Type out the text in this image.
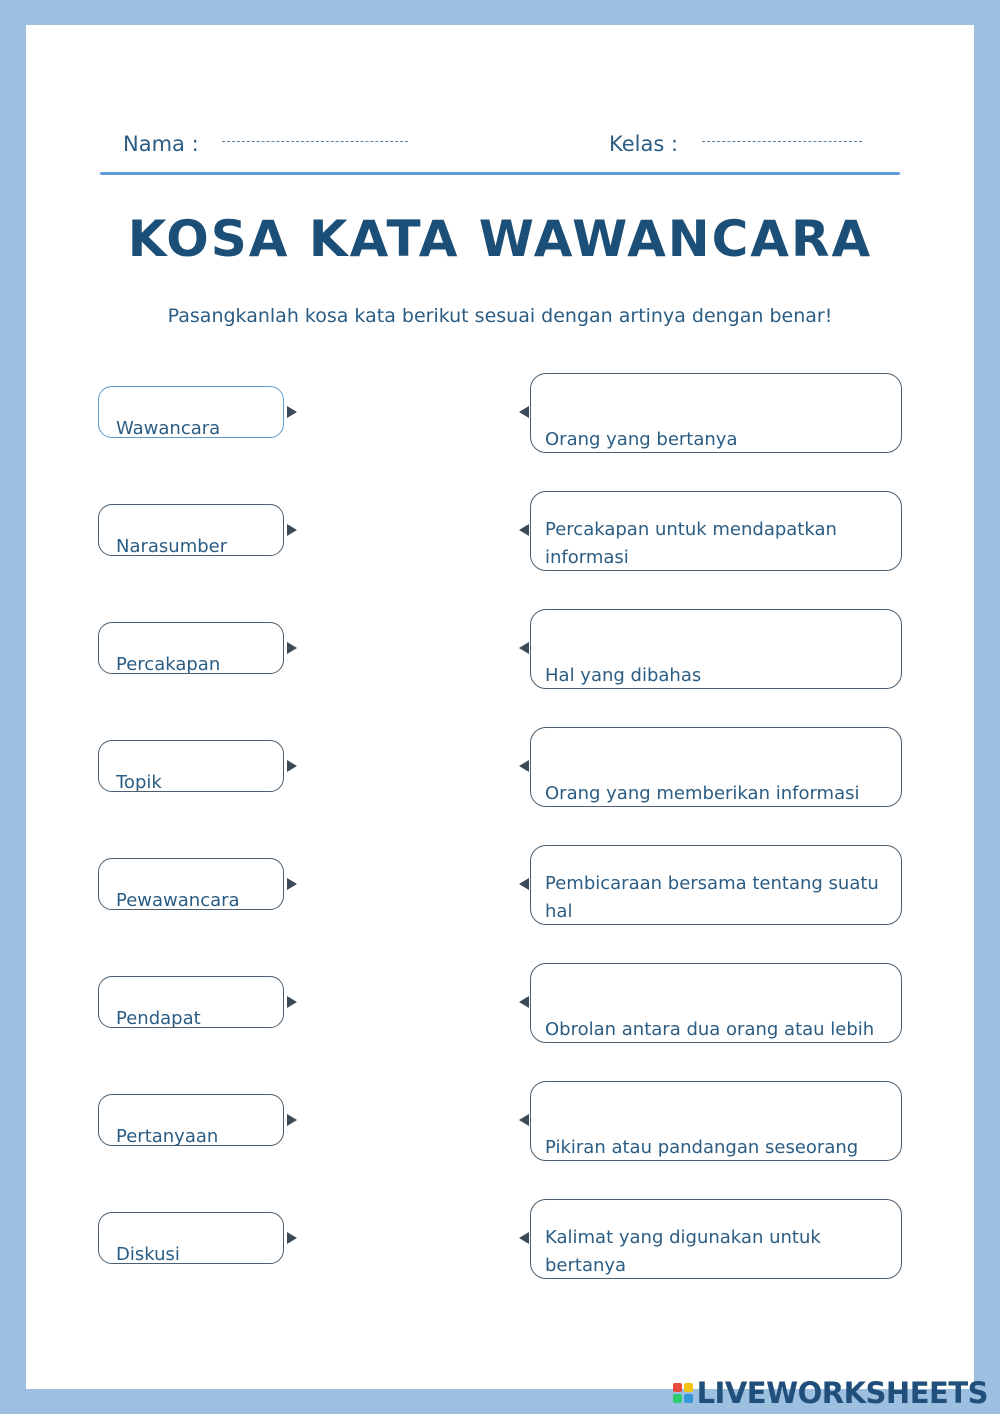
Nama :	Kelas :
KOSA KATA WAWANCARA
Pasangkanlah kosa kata berikut sesuai dengan artinya dengan benar!
Wawancara
Narasumber
Percakapan
Topik
Pewawancara
Pendapat
Pertanyaan
Diskusi
Orang yang bertanya
Percakapan untuk mendapatkan informasi
Hal yang dibahas
Orang yang memberikan informasi
Pembicaraan bersama tentang suatu hal
Obrolan antara dua orang atau lebih
Pikiran atau pandangan seseorang
Kalimat yang digunakan untuk bertanya
LIVEWORKSHEETS
